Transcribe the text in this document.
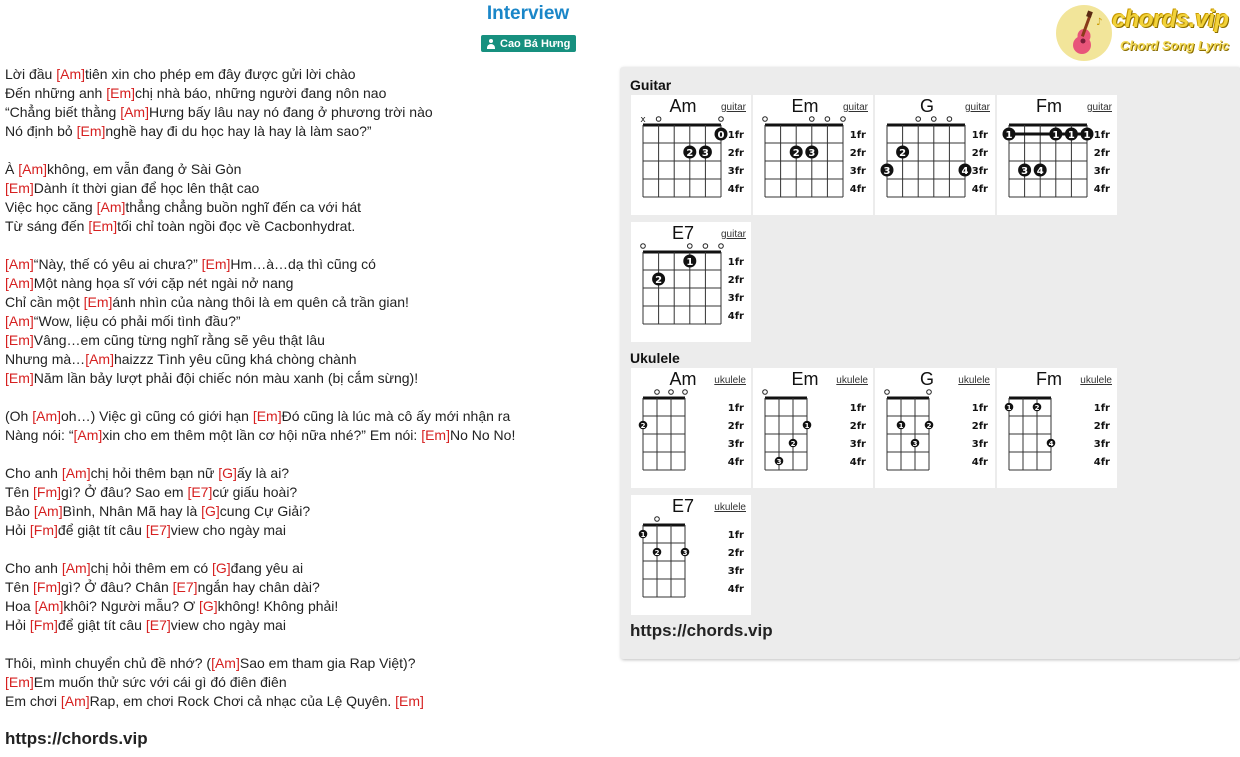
Interview
Cao Bá Hưng
♪ chords.vip
Chord Song Lyric
Lời đầu [Am]tiên xin cho phép em đây được gửi lời chào
Đến những anh [Em]chị nhà báo, những người đang nôn nao
“Chẳng biết thằng [Am]Hưng bấy lâu nay nó đang ở phương trời nào
Nó định bỏ [Em]nghề hay đi du học hay là hay là làm sao?”
À [Am]không, em vẫn đang ở Sài Gòn
[Em]Dành ít thời gian để học lên thật cao
Việc học căng [Am]thẳng chẳng buồn nghĩ đến ca với hát
Từ sáng đến [Em]tối chỉ toàn ngồi đọc về Cacbonhydrat.
[Am]“Này, thế có yêu ai chưa?” [Em]Hm…à…dạ thì cũng có
[Am]Một nàng họa sĩ với cặp nét ngài nở nang
Chỉ cần một [Em]ánh nhìn của nàng thôi là em quên cả trần gian!
[Am]“Wow, liệu có phải mối tình đầu?”
[Em]Vâng…em cũng từng nghĩ rằng sẽ yêu thật lâu
Nhưng mà…[Am]haizzz Tình yêu cũng khá chòng chành
[Em]Năm lần bảy lượt phải đội chiếc nón màu xanh (bị cắm sừng)!
(Oh [Am]oh…) Việc gì cũng có giới hạn [Em]Đó cũng là lúc mà cô ấy mới nhận ra
Nàng nói: “[Am]xin cho em thêm một lần cơ hội nữa nhé?” Em nói: [Em]No No No!
Cho anh [Am]chị hỏi thêm bạn nữ [G]ấy là ai?
Tên [Fm]gì? Ở đâu? Sao em [E7]cứ giấu hoài?
Bảo [Am]Bình, Nhân Mã hay là [G]cung Cự Giải?
Hỏi [Fm]để giật tít câu [E7]view cho ngày mai
Cho anh [Am]chị hỏi thêm em có [G]đang yêu ai
Tên [Fm]gì? Ở đâu? Chân [E7]ngắn hay chân dài?
Hoa [Am]khôi? Người mẫu? Ơ [G]không! Không phải!
Hỏi [Fm]để giật tít câu [E7]view cho ngày mai
Thôi, mình chuyển chủ đề nhớ? ([Am]Sao em tham gia Rap Việt)?
[Em]Em muốn thử sức với cái gì đó điên điên
Em chơi [Am]Rap, em chơi Rock Chơi cả nhạc của Lệ Quyên. [Em]
https://chords.vip
Guitar
x
1fr
2fr
3fr
4fr
0
2 3
Am	guitar
1fr
2fr
3fr
4fr
2 3
Em	guitar
1fr
2fr
3fr
4fr
2
3	4
G	guitar
1fr
2fr
3fr
4fr
1
3 4
1 1 1
Fm	guitar
1fr
2fr
3fr
4fr
2
1
E7	guitar
Ukulele
1fr
2fr
3fr
4fr
2
Am	ukulele
1fr
2fr
3fr
4fr
3
2
1
Em	ukulele
1fr
2fr
3fr
4fr
1
3
2
G	ukulele
1fr
2fr
3fr
4fr
1	2
4
Fm	ukulele
1fr
2fr
3fr
4fr
1
2	3
E7	ukulele
https://chords.vip
